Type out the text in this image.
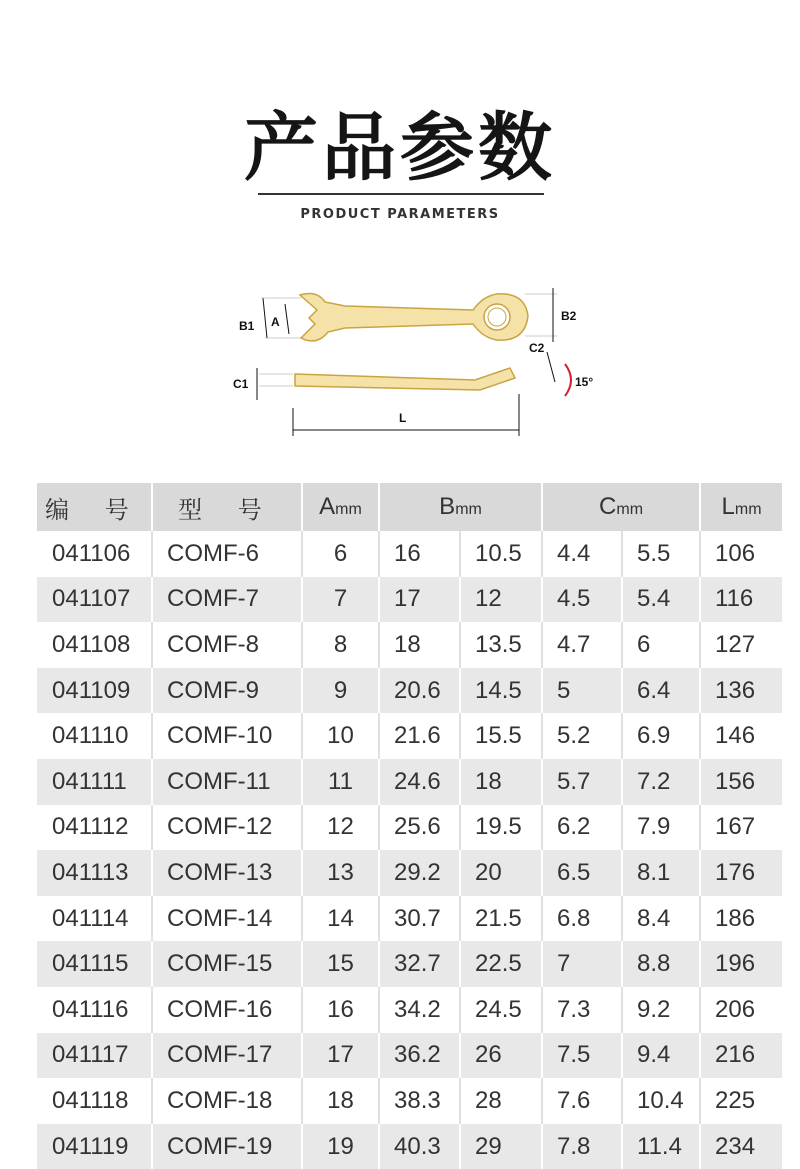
产品参数
PRODUCT PARAMETERS
B1 A	B2
C1
C2
15°
L
编 号	型 号	Amm	Bmm		Cmm		Lmm
041106	COMF-6	6	16	10.5	4.4	5.5	106
041107	COMF-7	7	17	12	4.5	5.4	116
041108	COMF-8	8	18	13.5	4.7	6	127
041109	COMF-9	9	20.6	14.5	5	6.4	136
041110	COMF-10	10	21.6	15.5	5.2	6.9	146
041111	COMF-11	11	24.6	18	5.7	7.2	156
041112	COMF-12	12	25.6	19.5	6.2	7.9	167
041113	COMF-13	13	29.2	20	6.5	8.1	176
041114	COMF-14	14	30.7	21.5	6.8	8.4	186
041115	COMF-15	15	32.7	22.5	7	8.8	196
041116	COMF-16	16	34.2	24.5	7.3	9.2	206
041117	COMF-17	17	36.2	26	7.5	9.4	216
041118	COMF-18	18	38.3	28	7.6	10.4	225
041119	COMF-19	19	40.3	29	7.8	11.4	234
